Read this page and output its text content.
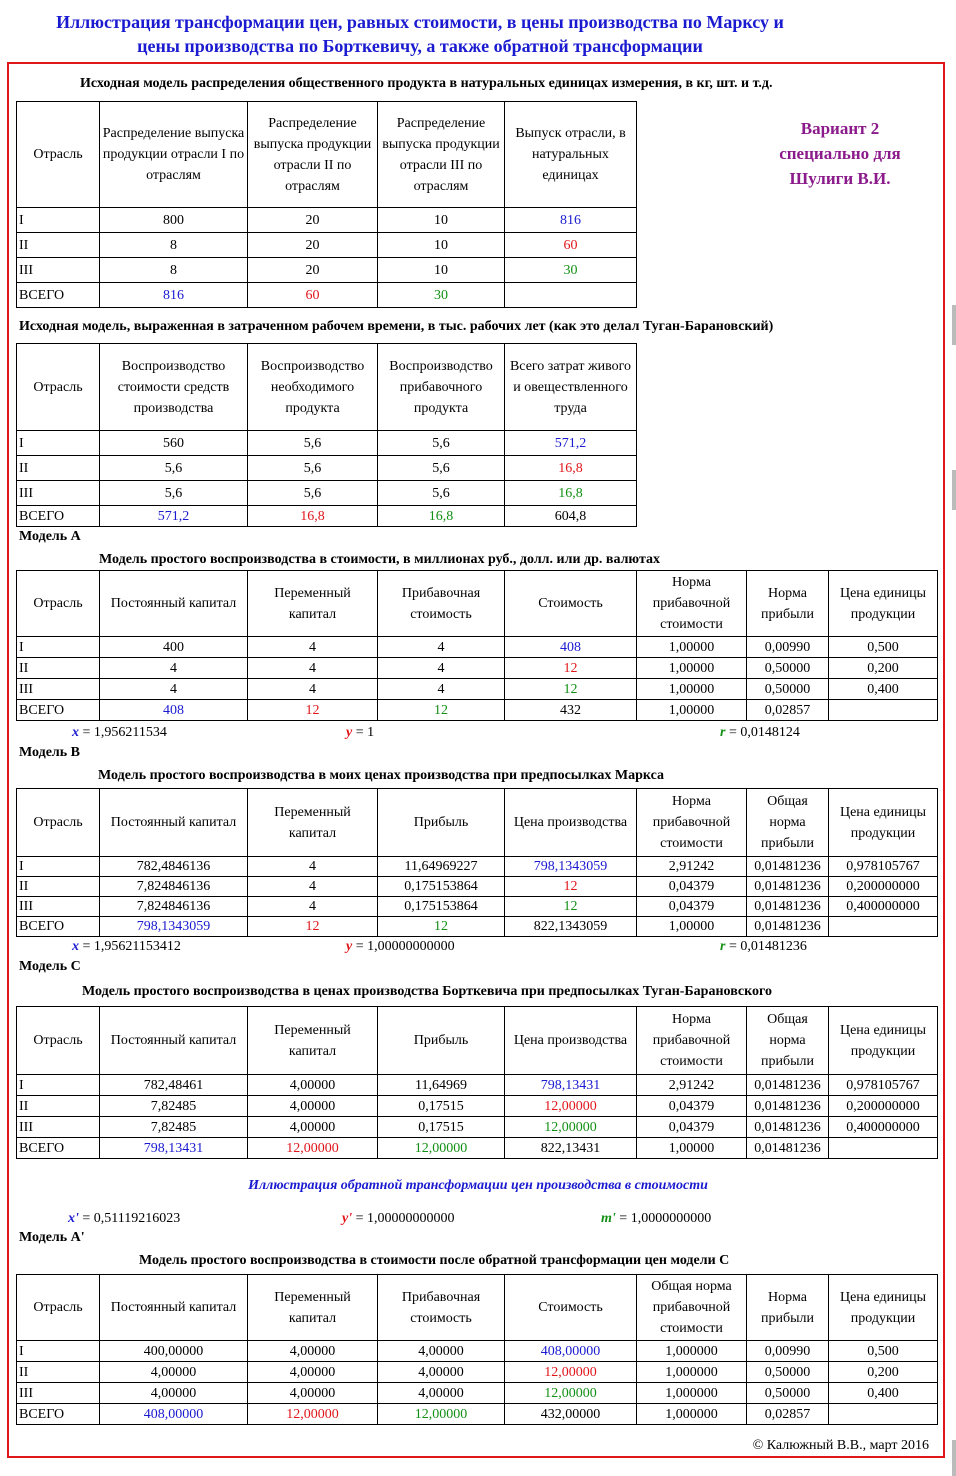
Иллюстрация трансформации цен, равных стоимости, в цены производства по Марксу и
цены производства по Борткевичу, а также обратной трансформации
Исходная модель распределения общественного продукта в натуральных единицах измерения, в кг, шт. и т.д.
Отрасль	Распределение выпуска продукции отрасли I по отраслям	Распределение выпуска продукции отрасли II по отраслям	Распределение выпуска продукции отрасли III по отраслям	Выпуск отрасли, в натуральных единицах
I	800	20	10	816
II	8	20	10	60
III	8	20	10	30
ВСЕГО	816	60	30	
Вариант 2
специально для
Шулиги В.И.
Исходная модель, выраженная в затраченном рабочем времени, в тыс. рабочих лет (как это делал Туган-Барановский)
Отрасль	Воспроизводство стоимости средств производства	Воспроизводство необходимого продукта	Воспроизводство прибавочного продукта	Всего затрат живого и овеществленного труда
I	560	5,6	5,6	571,2
II	5,6	5,6	5,6	16,8
III	5,6	5,6	5,6	16,8
ВСЕГО	571,2	16,8	16,8	604,8
Модель А
Модель простого воспроизводства в стоимости, в миллионах руб., долл. или др. валютах
Отрасль	Постоянный капитал	Переменный капитал	Прибавочная стоимость	Стоимость	Норма прибавочной стоимости	Норма прибыли	Цена единицы продукции
I	400	4	4	408	1,00000	0,00990	0,500
II	4	4	4	12	1,00000	0,50000	0,200
III	4	4	4	12	1,00000	0,50000	0,400
ВСЕГО	408	12	12	432	1,00000	0,02857	
x = 1,956211534	y = 1	r = 0,0148124
Модель В
Модель простого воспроизводства в моих ценах производства при предпосылках Маркса
Отрасль	Постоянный капитал	Переменный капитал	Прибыль	Цена производства	Норма прибавочной стоимости	Общая норма прибыли	Цена единицы продукции
I	782,4846136	4	11,64969227	798,1343059	2,91242	0,01481236	0,978105767
II	7,824846136	4	0,175153864	12	0,04379	0,01481236	0,200000000
III	7,824846136	4	0,175153864	12	0,04379	0,01481236	0,400000000
ВСЕГО	798,1343059	12	12	822,1343059	1,00000	0,01481236	
x = 1,95621153412	y = 1,00000000000	r = 0,01481236
Модель С
Модель простого воспроизводства в ценах производства Борткевича при предпосылках Туган-Барановского
Отрасль	Постоянный капитал	Переменный капитал	Прибыль	Цена производства	Норма прибавочной стоимости	Общая норма прибыли	Цена единицы продукции
I	782,48461	4,00000	11,64969	798,13431	2,91242	0,01481236	0,978105767
II	7,82485	4,00000	0,17515	12,00000	0,04379	0,01481236	0,200000000
III	7,82485	4,00000	0,17515	12,00000	0,04379	0,01481236	0,400000000
ВСЕГО	798,13431	12,00000	12,00000	822,13431	1,00000	0,01481236	
Иллюстрация обратной трансформации цен производства в стоимости
x' = 0,51119216023	y' = 1,00000000000	m' = 1,0000000000
Модель А'
Модель простого воспроизводства в стоимости после обратной трансформации цен модели С
Отрасль	Постоянный капитал	Переменный капитал	Прибавочная стоимость	Стоимость	Общая норма прибавочной стоимости	Норма прибыли	Цена единицы продукции
I	400,00000	4,00000	4,00000	408,00000	1,000000	0,00990	0,500
II	4,00000	4,00000	4,00000	12,00000	1,000000	0,50000	0,200
III	4,00000	4,00000	4,00000	12,00000	1,000000	0,50000	0,400
ВСЕГО	408,00000	12,00000	12,00000	432,00000	1,000000	0,02857	
© Калюжный В.В., март 2016
